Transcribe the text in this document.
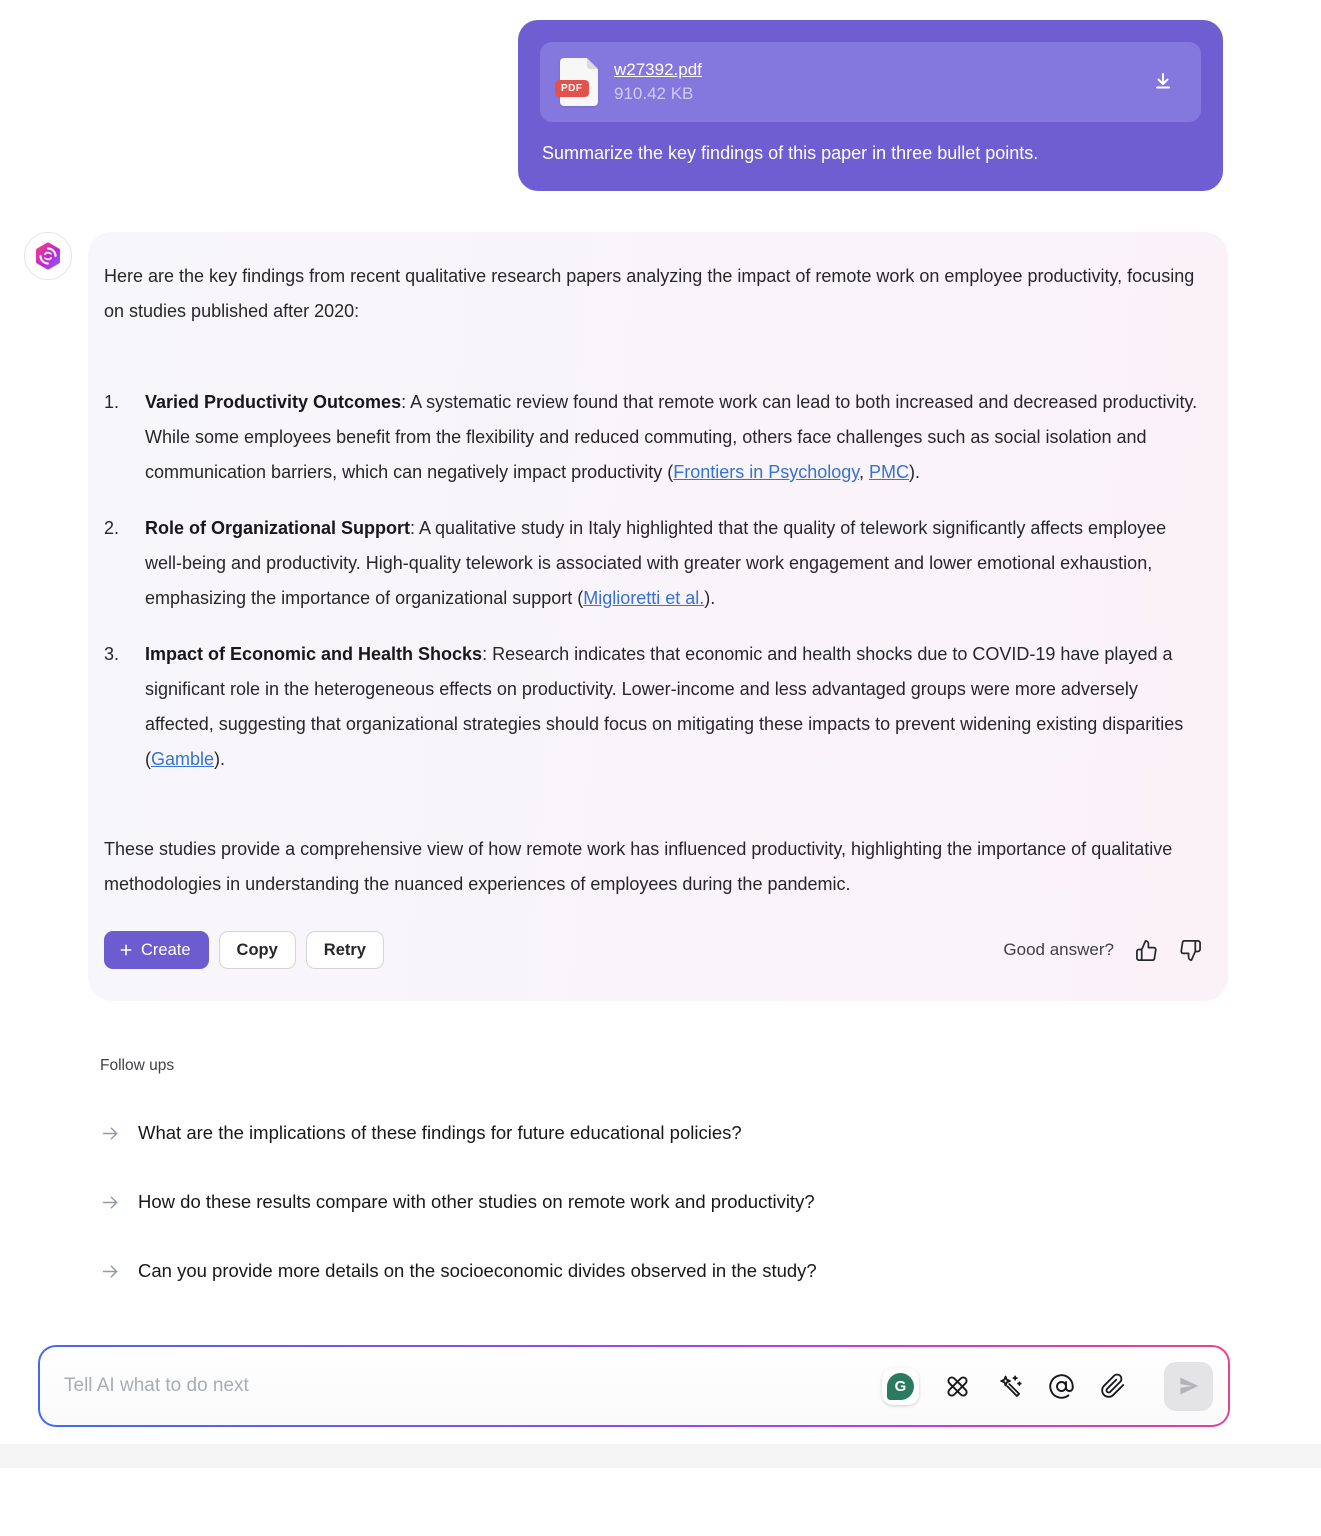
PDF
w27392.pdf
910.42 KB
Summarize the key findings of this paper in three bullet points.

Here are the key findings from recent qualitative research papers analyzing the impact of remote work on employee productivity, focusing on studies published after 2020:

1.	Varied Productivity Outcomes: A systematic review found that remote work can lead to both increased and decreased productivity. While some employees benefit from the flexibility and reduced commuting, others face challenges such as social isolation and communication barriers, which can negatively impact productivity (Frontiers in Psychology, PMC).

2.	Role of Organizational Support: A qualitative study in Italy highlighted that the quality of telework significantly affects employee well-being and productivity. High-quality telework is associated with greater work engagement and lower emotional exhaustion, emphasizing the importance of organizational support (Miglioretti et al.).

3.	Impact of Economic and Health Shocks: Research indicates that economic and health shocks due to COVID-19 have played a significant role in the heterogeneous effects on productivity. Lower-income and less advantaged groups were more adversely affected, suggesting that organizational strategies should focus on mitigating these impacts to prevent widening existing disparities (Gamble).

These studies provide a comprehensive view of how remote work has influenced productivity, highlighting the importance of qualitative methodologies in understanding the nuanced experiences of employees during the pandemic.

Create	Copy	Retry	Good answer?
Follow ups
What are the implications of these findings for future educational policies?
How do these results compare with other studies on remote work and productivity?
Can you provide more details on the socioeconomic divides observed in the study?
Tell AI what to do next
G
